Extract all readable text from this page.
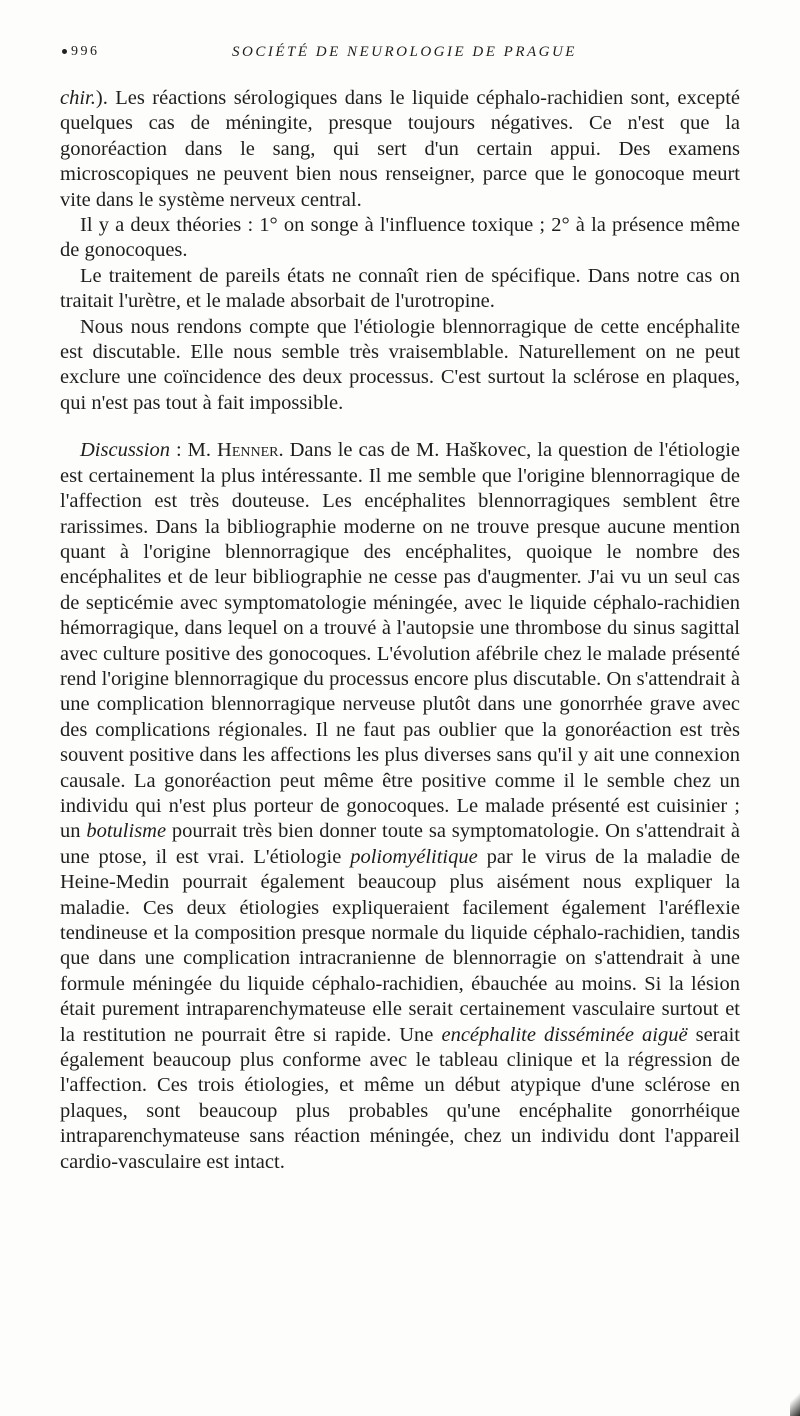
996	SOCIÉTÉ DE NEUROLOGIE DE PRAGUE

chir.). Les réactions sérologiques dans le liquide céphalo-rachidien sont, excepté quelques cas de méningite, presque toujours négatives. Ce n'est que la gonoréaction dans le sang, qui sert d'un certain appui. Des examens microscopiques ne peuvent bien nous renseigner, parce que le gonocoque meurt vite dans le système nerveux central.

Il y a deux théories : 1° on songe à l'influence toxique ; 2° à la présence même de gonocoques.

Le traitement de pareils états ne connaît rien de spécifique. Dans notre cas on traitait l'urètre, et le malade absorbait de l'urotropine.

Nous nous rendons compte que l'étiologie blennorragique de cette encéphalite est discutable. Elle nous semble très vraisemblable. Naturellement on ne peut exclure une coïncidence des deux processus. C'est surtout la sclérose en plaques, qui n'est pas tout à fait impossible.

Discussion : M. Henner. Dans le cas de M. Haškovec, la question de l'étiologie est certainement la plus intéressante. Il me semble que l'origine blennorragique de l'affection est très douteuse. Les encéphalites blennorragiques semblent être rarissimes. Dans la bibliographie moderne on ne trouve presque aucune mention quant à l'origine blennorragique des encéphalites, quoique le nombre des encéphalites et de leur bibliographie ne cesse pas d'augmenter. J'ai vu un seul cas de septicémie avec symptomatologie méningée, avec le liquide céphalo-rachidien hémorragique, dans lequel on a trouvé à l'autopsie une thrombose du sinus sagittal avec culture positive des gonocoques. L'évolution afébrile chez le malade présenté rend l'origine blennorragique du processus encore plus discutable. On s'attendrait à une complication blennorragique nerveuse plutôt dans une gonorrhée grave avec des complications régionales. Il ne faut pas oublier que la gonoréaction est très souvent positive dans les affections les plus diverses sans qu'il y ait une connexion causale. La gonoréaction peut même être positive comme il le semble chez un individu qui n'est plus porteur de gonocoques. Le malade présenté est cuisinier ; un botulisme pourrait très bien donner toute sa symptomatologie. On s'attendrait à une ptose, il est vrai. L'étiologie poliomyélitique par le virus de la maladie de Heine-Medin pourrait également beaucoup plus aisément nous expliquer la maladie. Ces deux étiologies expliqueraient facilement également l'aréflexie tendineuse et la composition presque normale du liquide céphalo-rachidien, tandis que dans une complication intracranienne de blennorragie on s'attendrait à une formule méningée du liquide céphalo-rachidien, ébauchée au moins. Si la lésion était purement intraparenchymateuse elle serait certainement vasculaire surtout et la restitution ne pourrait être si rapide. Une encéphalite disséminée aiguë serait également beaucoup plus conforme avec le tableau clinique et la régression de l'affection. Ces trois étiologies, et même un début atypique d'une sclérose en plaques, sont beaucoup plus probables qu'une encéphalite gonorrhéique intraparenchymateuse sans réaction méningée, chez un individu dont l'appareil cardio-vasculaire est intact.
